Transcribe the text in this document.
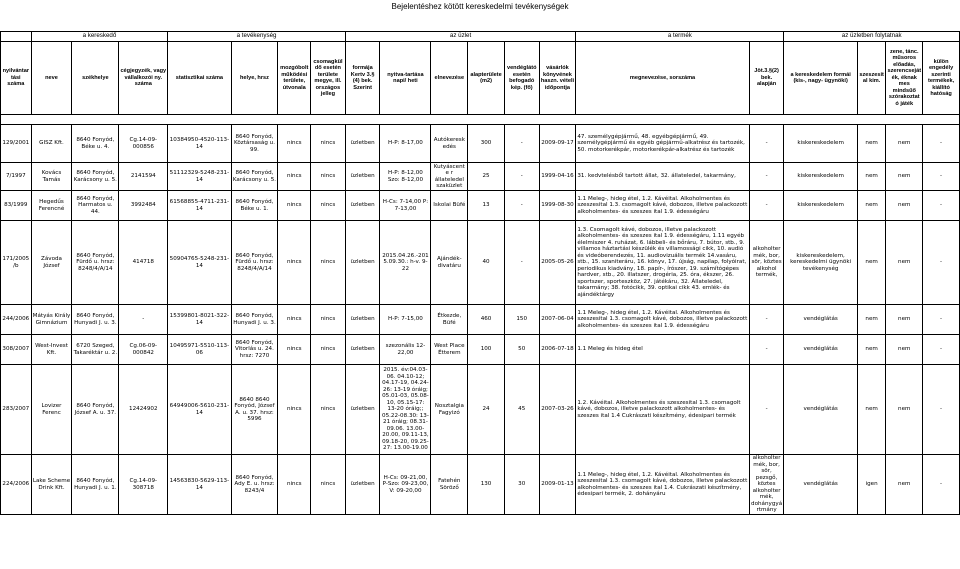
Bejelentéshez kötött kereskedelmi tevékenységek
	a kereskedő			a tevékenység				az üzlet						a termék		az üzletben folytatnak			
nyilvántartási száma	neve	székhelye	cégjegyzék, vagy vállalkozói ny. száma	statisztikai száma	helye, hrsz	mozgóbolt működési területe, útvonala	csomagküldő esetén területe megye, ill. országos jelleg	formája Kertv 3.§ (4) bek. Szerint	nyitva-tartása napi/ heti	elnevezése	alapterülete (m2)	vendéglátó esetén befogadó kép. (fő)	vásárlók könyvének haszn. vételi időpontja	megnevezése, sorszáma	Jöt.3.§(2) bek. alapján	a kereskedelem formái (kis-, nagy- ügynöki)	szeszesital kim.	zene, tánc. műsoros előadás, szerencsejáték, éknak mes mindsűő szórakoztató játék	külön engedély szerinti termékek, kiállító hatóság

129/2001	GISZ Kft.	8640 Fonyód, Béke u. 4.	Cg.14-09-000856	10384950-4520-113-14	8640 Fonyód, Köztársaság u. 99.	nincs	nincs	üzletben	H-P: 8-17,00	Autókereskedés	300	-	2009-09-17	47. személygépjármű, 48. egyébgépjármű, 49. személygépjármű és egyéb gépjármű-alkatrész és tartozék, 50. motorkerékpár, motorkerékpár-alkatrész és tartozék	-	kiskereskedelem	nem	nem	-
7/1997	Kovács Tamás	8640 Fonyód, Karácsony u. 5.	2141594	51112329-5248-231-14	8640 Fonyód, Karácsony u. 5.	nincs	nincs	üzletben	H-P: 8-12,00 Szo: 8-12,00	Kutyáscente r állateledel szaküzlet	25	-	1999-04-16	31. kedvtelésből tartott állat, 32. állateledel, takarmány,	-	kiskereskedelem	nem	nem	-
83/1999	Hegedűs Ferencné	8640 Fonyód, Harmatos u. 44.	3992484	61568855-4711-231-14	8640 Fonyód, Béke u. 1.	nincs	nincs	üzletben	H-Cs: 7-14,00 P: 7-13,00	Iskolai Büfé	13	-	1999-08-30	1.1 Meleg-, hideg étel, 1.2. Kávéital. Alkoholmentes és szeszesital 1.3. csomagolt kávé, dobozos, illetve palackozott alkoholmentes- és szeszes ital 1.9. édességáru	-	kiskereskedelem	nem	nem	-
171/2005/b	Závoda József	8640 Fonyód, Fürdő u. hrsz: 8248/4/A/14	414718	50904765-5248-231-14	8640 Fonyód, Fürdő u. hrsz: 8248/4/A/14	nincs	nincs	üzletben	2015.04.26.-2015.09.30.: h-v. 9-22	Ajándék-divatáru	40	-	2005-05-26	1.3. Csomagolt kávé, dobozos, illetve palackozott alkoholmentes- és szeszes ital 1.9. édességáru, 1.11 egyéb élelmiszer 4. ruházat, 6. lábbeli- és bőráru, 7. bútor, stb., 9. villamos háztartási készülék és villamossági cikk, 10. audió és videóberendezés, 11. audiovizuális termék 14.vasáru, stb., 15. szaniteráru, 16. könyv, 17. újság, napilap, folyóirat, periodikus kiadvány, 18. papír-, írószer, 19. számítógépes hardver, stb., 20. illatszer, drogéria, 25. óra, ékszer, 26. sportszer, sporteszköz, 27. játékáru, 32. Állateledel, takarmány; 38. fotócikk, 39. optikai cikk 43. emlék- és ajándéktárgy	alkoholtermék, bor, sör, köztes alkohol termék,	kiskereskedelem, kereskedelmi ügynöki tevékenység	nem	nem	-
244/2006	Mátyás Király Gimnázium	8640 Fonyód, Hunyadi J. u. 3.	-	15399801-8021-322-14	8640 Fonyód, Hunyadi J. u. 3.	nincs	nincs	üzletben	H-P: 7-15,00	Étkezde, Büfé	460	150	2007-06-04	1.1 Meleg-, hideg étel, 1.2. Kávéital. Alkoholmentes és szeszesital 1.3. csomagolt kávé, dobozos, illetve palackozott alkoholmentes- és szeszes ital 1.9. édességáru	-	vendéglátás	nem	nem	-
308/2007	West-Invest Kft.	6720 Szeged, Takaréktár u. 2.	Cg.06-09-000842	10495971-5510-113-06	8640 Fonyód, Vitorlás u. 24. hrsz: 7270	nincs	nincs	üzletben	szezonális 12-22,00	West Place Étterem	100	50	2006-07-18	1.1 Meleg és hideg étel	-	vendéglátás	nem	nem	-
283/2007	Lovizer Ferenc	8640 Fonyód, József A. u. 37.	12424902	64949006-5610-231-14	8640 8640 Fonyód, József A. u. 37. hrsz: 5996	nincs	nincs	üzletben	2015. év:04.03-06. 04.10-12; 04.17-19, 04.24-26: 13-19 óráig; 05.01-03, 05.08-10, 05.15-17: 13-20 óráig;; 05.22-08.30: 13-21 óráig; 08.31-09.06. 13.00-20.00, 09.11-13, 09.18-20, 09.25-27: 13.00-19.00	Nosztalgia Fagyizó	24	45	2007-03-26	1.2. Kávéital. Alkoholmentes és szeszesital 1.3. csomagolt kávé, dobozos, illetve palackozott alkoholmentes- és szeszes ital 1.4 Cukrászati készítmény, édesipari termék	-	vendéglátás	nem	nem	-
224/2006	Lake Scheme Drink Kft.	8640 Fonyód, Hunyadi J. u. 1.	Cg.14-09-308718	14563830-5629-113-14	8640 Fonyód, Ady E. u. hrsz: 8243/4	nincs	nincs	üzletben	H-Cs: 09-21,00, P-Szo: 09-23,00, V: 09-20,00	Fatehén Söröző	130	30	2009-01-13	1.1 Meleg-, hideg étel, 1.2. Kávéital. Alkoholmentes és szeszesital 1.3. csomagolt kávé, dobozos, illetve palackozott alkoholmentes- és szeszes ital 1.4. Cukrászati készítmény, édesipari termék, 2. dohányáru	alkoholtermék, bor, sör, pezsgő, köztes alkoholtermék, dohánygyártmány	vendéglátás	igen	nem	-
